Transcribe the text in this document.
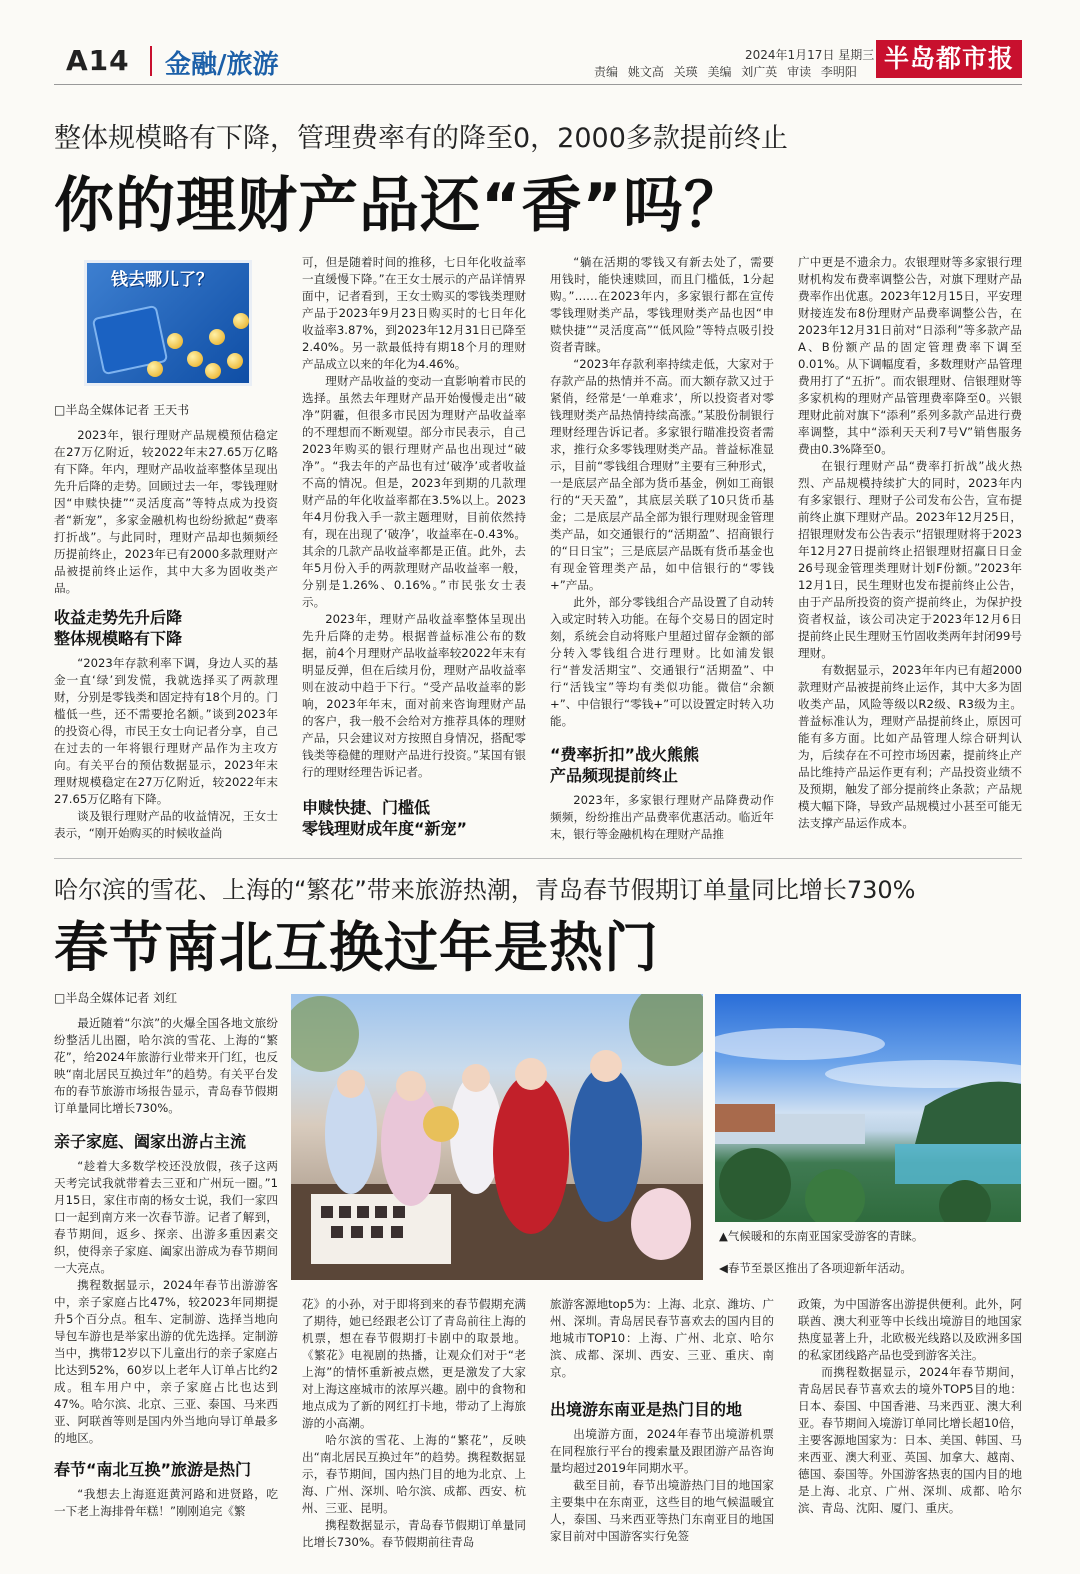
A14 金融/旅游	2024年1月17日 星期三
责编 姚文高 关瑛 美编 刘广英 审读 李明阳	半岛都市报
整体规模略有下降，管理费率有的降至0，2000多款提前终止
你的理财产品还“香”吗？
钱去哪儿了？
□半岛全媒体记者 王天书

2023年，银行理财产品规模预估稳定在27万亿附近，较2022年末27.65万亿略有下降。年内，理财产品收益率整体呈现出先升后降的走势。回顾过去一年，零钱理财因“申赎快捷”“灵活度高”等特点成为投资者“新宠”，多家金融机构也纷纷掀起“费率打折战”。与此同时，理财产品却也频频经历提前终止，2023年已有2000多款理财产品被提前终止运作，其中大多为固收类产品。

收益走势先升后降
整体规模略有下降

“2023年存款利率下调，身边人买的基金一直‘绿’到发慌，我就选择买了两款理财，分别是零钱类和固定持有18个月的。门槛低一些，还不需要抢名额。”谈到2023年的投资心得，市民王女士向记者分享，自己在过去的一年将银行理财产品作为主攻方向。有关平台的预估数据显示，2023年末理财规模稳定在27万亿附近，较2022年末27.65万亿略有下降。

谈及银行理财产品的收益情况，王女士表示，“刚开始购买的时候收益尚

可，但是随着时间的推移，七日年化收益率一直缓慢下降。”在王女士展示的产品详情界面中，记者看到，王女士购买的零钱类理财产品于2023年9月23日购买时的七日年化收益率3.87%，到2023年12月31日已降至2.40%。另一款最低持有期18个月的理财产品成立以来的年化为4.46%。

理财产品收益的变动一直影响着市民的选择。虽然去年理财产品开始慢慢走出“破净”阴霾，但很多市民因为理财产品收益率的不理想而不断观望。部分市民表示，自己2023年购买的银行理财产品也出现过“破净”。“我去年的产品也有过‘破净’或者收益不高的情况。但是，2023年到期的几款理财产品的年化收益率都在3.5%以上。2023年4月份我入手一款主题理财，目前依然持有，现在出现了‘破净’，收益率在-0.43%。其余的几款产品收益率都是正值。此外，去年5月份入手的两款理财产品收益率一般，分别是1.26%、0.16%。”市民张女士表示。

2023年，理财产品收益率整体呈现出先升后降的走势。根据普益标准公布的数据，前4个月理财产品收益率较2022年末有明显反弹，但在后续月份，理财产品收益率则在波动中趋于下行。“受产品收益率的影响，2023年年末，面对前来咨询理财产品的客户，我一般不会给对方推荐具体的理财产品，只会建议对方按照自身情况，搭配零钱类等稳健的理财产品进行投资。”某国有银行的理财经理告诉记者。

申赎快捷、门槛低
零钱理财成年度“新宠”

“躺在活期的零钱又有新去处了，需要用钱时，能快速赎回，而且门槛低，1分起购。”……在2023年内，多家银行都在宣传零钱理财类产品，零钱理财类产品也因“申赎快捷”“灵活度高”“低风险”等特点吸引投资者青睐。

“2023年存款利率持续走低，大家对于存款产品的热情并不高。而大额存款又过于紧俏，经常是‘一单难求’，所以投资者对零钱理财类产品热情持续高涨。”某股份制银行理财经理告诉记者。多家银行瞄准投资者需求，推行众多零钱理财类产品。普益标准显示，目前“零钱组合理财”主要有三种形式，一是底层产品全部为货币基金，例如工商银行的“天天盈”，其底层关联了10只货币基金；二是底层产品全部为银行理财现金管理类产品，如交通银行的“活期盈”、招商银行的“日日宝”；三是底层产品既有货币基金也有现金管理类产品，如中信银行的“零钱+”产品。

此外，部分零钱组合产品设置了自动转入或定时转入功能。在每个交易日的固定时刻，系统会自动将账户里超过留存金额的部分转入零钱组合进行理财。比如浦发银行“普发活期宝”、交通银行“活期盈”、中行“活钱宝”等均有类似功能。微信“余额+”、中信银行“零钱+”可以设置定时转入功能。

“费率折扣”战火熊熊
产品频现提前终止

2023年，多家银行理财产品降费动作频频，纷纷推出产品费率优惠活动。临近年末，银行等金融机构在理财产品推

广中更是不遗余力。农银理财等多家银行理财机构发布费率调整公告，对旗下理财产品费率作出优惠。2023年12月15日，平安理财接连发布8份理财产品费率调整公告，在2023年12月31日前对“日添利”等多款产品A、B份额产品的固定管理费率下调至0.01%。从下调幅度看，多数理财产品管理费用打了“五折”。而农银理财、信银理财等多家机构的理财产品管理费率降至0。兴银理财此前对旗下“添利”系列多款产品进行费率调整，其中“添利天天利7号V”销售服务费由0.3%降至0。

在银行理财产品“费率打折战”战火热烈、产品规模持续扩大的同时，2023年内有多家银行、理财子公司发布公告，宣布提前终止旗下理财产品。2023年12月25日，招银理财发布公告表示“招银理财将于2023年12月27日提前终止招银理财招赢日日金26号现金管理类理财计划F份额。”2023年12月1日，民生理财也发布提前终止公告，由于产品所投资的资产提前终止，为保护投资者权益，该公司决定于2023年12月6日提前终止民生理财玉竹固收类两年封闭99号理财。

有数据显示，2023年年内已有超2000款理财产品被提前终止运作，其中大多为固收类产品，风险等级以R2级、R3级为主。普益标准认为，理财产品提前终止，原因可能有多方面。比如产品管理人综合研判认为，后续存在不可控市场因素，提前终止产品比维持产品运作更有利；产品投资业绩不及预期，触发了部分提前终止条款；产品规模大幅下降，导致产品规模过小甚至可能无法支撑产品运作成本。

哈尔滨的雪花、上海的“繁花”带来旅游热潮，青岛春节假期订单量同比增长730%
春节南北互换过年是热门
▲气候暖和的东南亚国家受游客的青睐。
◀春节至景区推出了各项迎新年活动。
□半岛全媒体记者 刘红

最近随着“尔滨”的火爆全国各地文旅纷纷整活儿出圈，哈尔滨的雪花、上海的“繁花”，给2024年旅游行业带来开门红，也反映“南北居民互换过年”的趋势。有关平台发布的春节旅游市场报告显示，青岛春节假期订单量同比增长730%。

亲子家庭、阖家出游占主流

“趁着大多数学校还没放假，孩子这两天考完试我就带着去三亚和广州玩一圈。”1月15日，家住市南的杨女士说，我们一家四口一起到南方来一次春节游。记者了解到，春节期间，返乡、探亲、出游多重因素交织，使得亲子家庭、阖家出游成为春节期间一大亮点。

携程数据显示，2024年春节出游游客中，亲子家庭占比47%，较2023年同期提升5个百分点。租车、定制游、选择当地向导包车游也是举家出游的优先选择。定制游当中，携带12岁以下儿童出行的亲子家庭占比达到52%，60岁以上老年人订单占比约2成。租车用户中，亲子家庭占比也达到47%。哈尔滨、北京、三亚、泰国、马来西亚、阿联酋等则是国内外当地向导订单最多的地区。

春节“南北互换”旅游是热门

“我想去上海逛逛黄河路和进贤路，吃一下老上海排骨年糕！”刚刚追完《繁

花》的小孙，对于即将到来的春节假期充满了期待，她已经跟老公订了青岛前往上海的机票，想在春节假期打卡剧中的取景地。《繁花》电视剧的热播，让观众们对于“老上海”的情怀重新被点燃，更是激发了大家对上海这座城市的浓厚兴趣。剧中的食物和地点成为了新的网红打卡地，带动了上海旅游的小高潮。

哈尔滨的雪花、上海的“繁花”，反映出“南北居民互换过年”的趋势。携程数据显示，春节期间，国内热门目的地为北京、上海、广州、深圳、哈尔滨、成都、西安、杭州、三亚、昆明。

携程数据显示，青岛春节假期订单量同比增长730%。春节假期前往青岛

旅游客源地top5为：上海、北京、潍坊、广州、深圳。青岛居民春节喜欢去的国内目的地城市TOP10：上海、广州、北京、哈尔滨、成都、深圳、西安、三亚、重庆、南京。

出境游东南亚是热门目的地

出境游方面，2024年春节出境游机票在同程旅行平台的搜索量及跟团游产品咨询量均超过2019年同期水平。

截至目前，春节出境游热门目的地国家主要集中在东南亚，这些目的地气候温暖宜人，泰国、马来西亚等热门东南亚目的地国家目前对中国游客实行免签

政策，为中国游客出游提供便利。此外，阿联酋、澳大利亚等中长线出境游目的地国家热度显著上升，北欧极光线路以及欧洲多国的私家团线路产品也受到游客关注。

而携程数据显示，2024年春节期间，青岛居民春节喜欢去的境外TOP5目的地：日本、泰国、中国香港、马来西亚、澳大利亚。春节期间入境游订单同比增长超10倍，主要客源地国家为：日本、美国、韩国、马来西亚、澳大利亚、英国、加拿大、越南、德国、泰国等。外国游客热衷的国内目的地是上海、北京、广州、深圳、成都、哈尔滨、青岛、沈阳、厦门、重庆。
